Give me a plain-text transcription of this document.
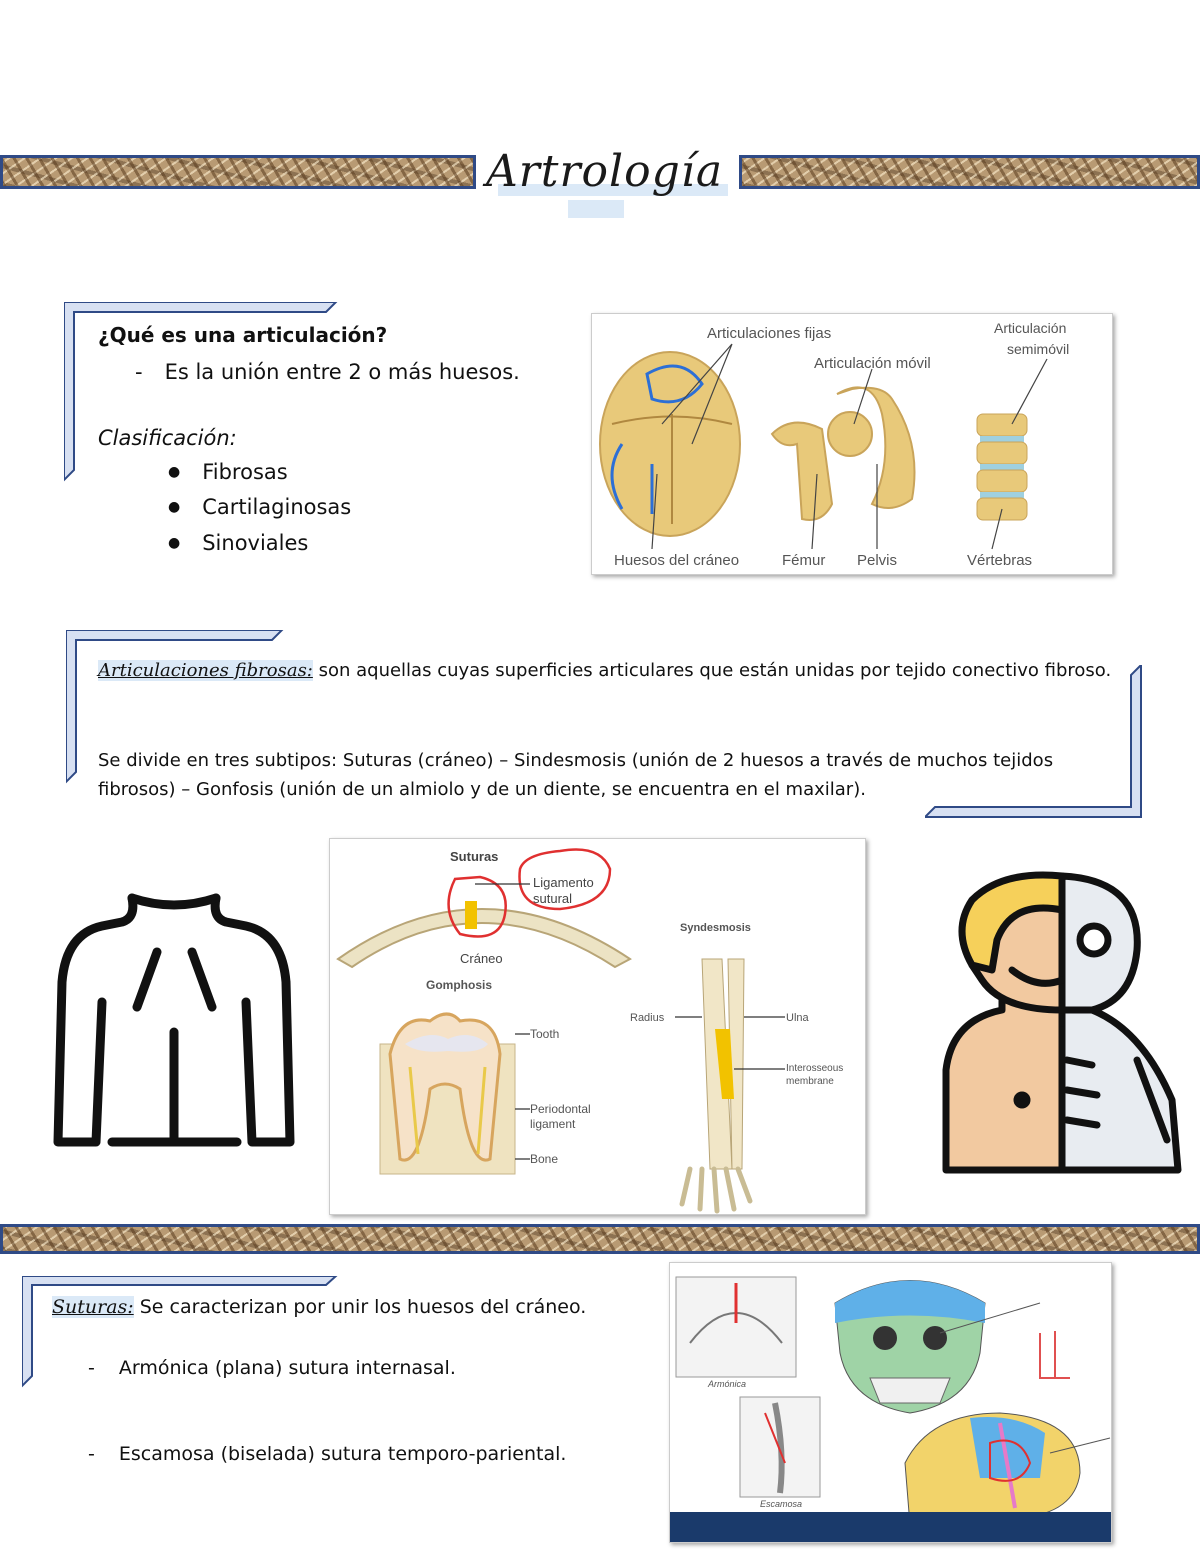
Artrología
¿Qué es una articulación?
- Es la unión entre 2 o más huesos.
Clasificación:
● Fibrosas
● Cartilaginosas
● Sinoviales
Articulaciones fijas
Articulación móvil
Articulación
semimóvil
Huesos del cráneo	Fémur Pelvis	Vértebras
Articulaciones fibrosas: son aquellas cuyas superficies articulares que están unidas por tejido conectivo fibroso.
Se divide en tres subtipos: Suturas (cráneo) – Sindesmosis (unión de 2 huesos a través de muchos tejidos fibrosos) – Gonfosis (unión de un almiolo y de un diente, se encuentra en el maxilar).
Suturas
Ligamento
sutural
Cráneo
Gomphosis
Tooth
Periodontal
ligament
Bone
Syndesmosis
Radius	Ulna
Interosseous
membrane
Suturas: Se caracterizan por unir los huesos del cráneo.
- Armónica (plana) sutura internasal.
- Escamosa (biselada) sutura temporo-pariental.
Armónica
Escamosa
